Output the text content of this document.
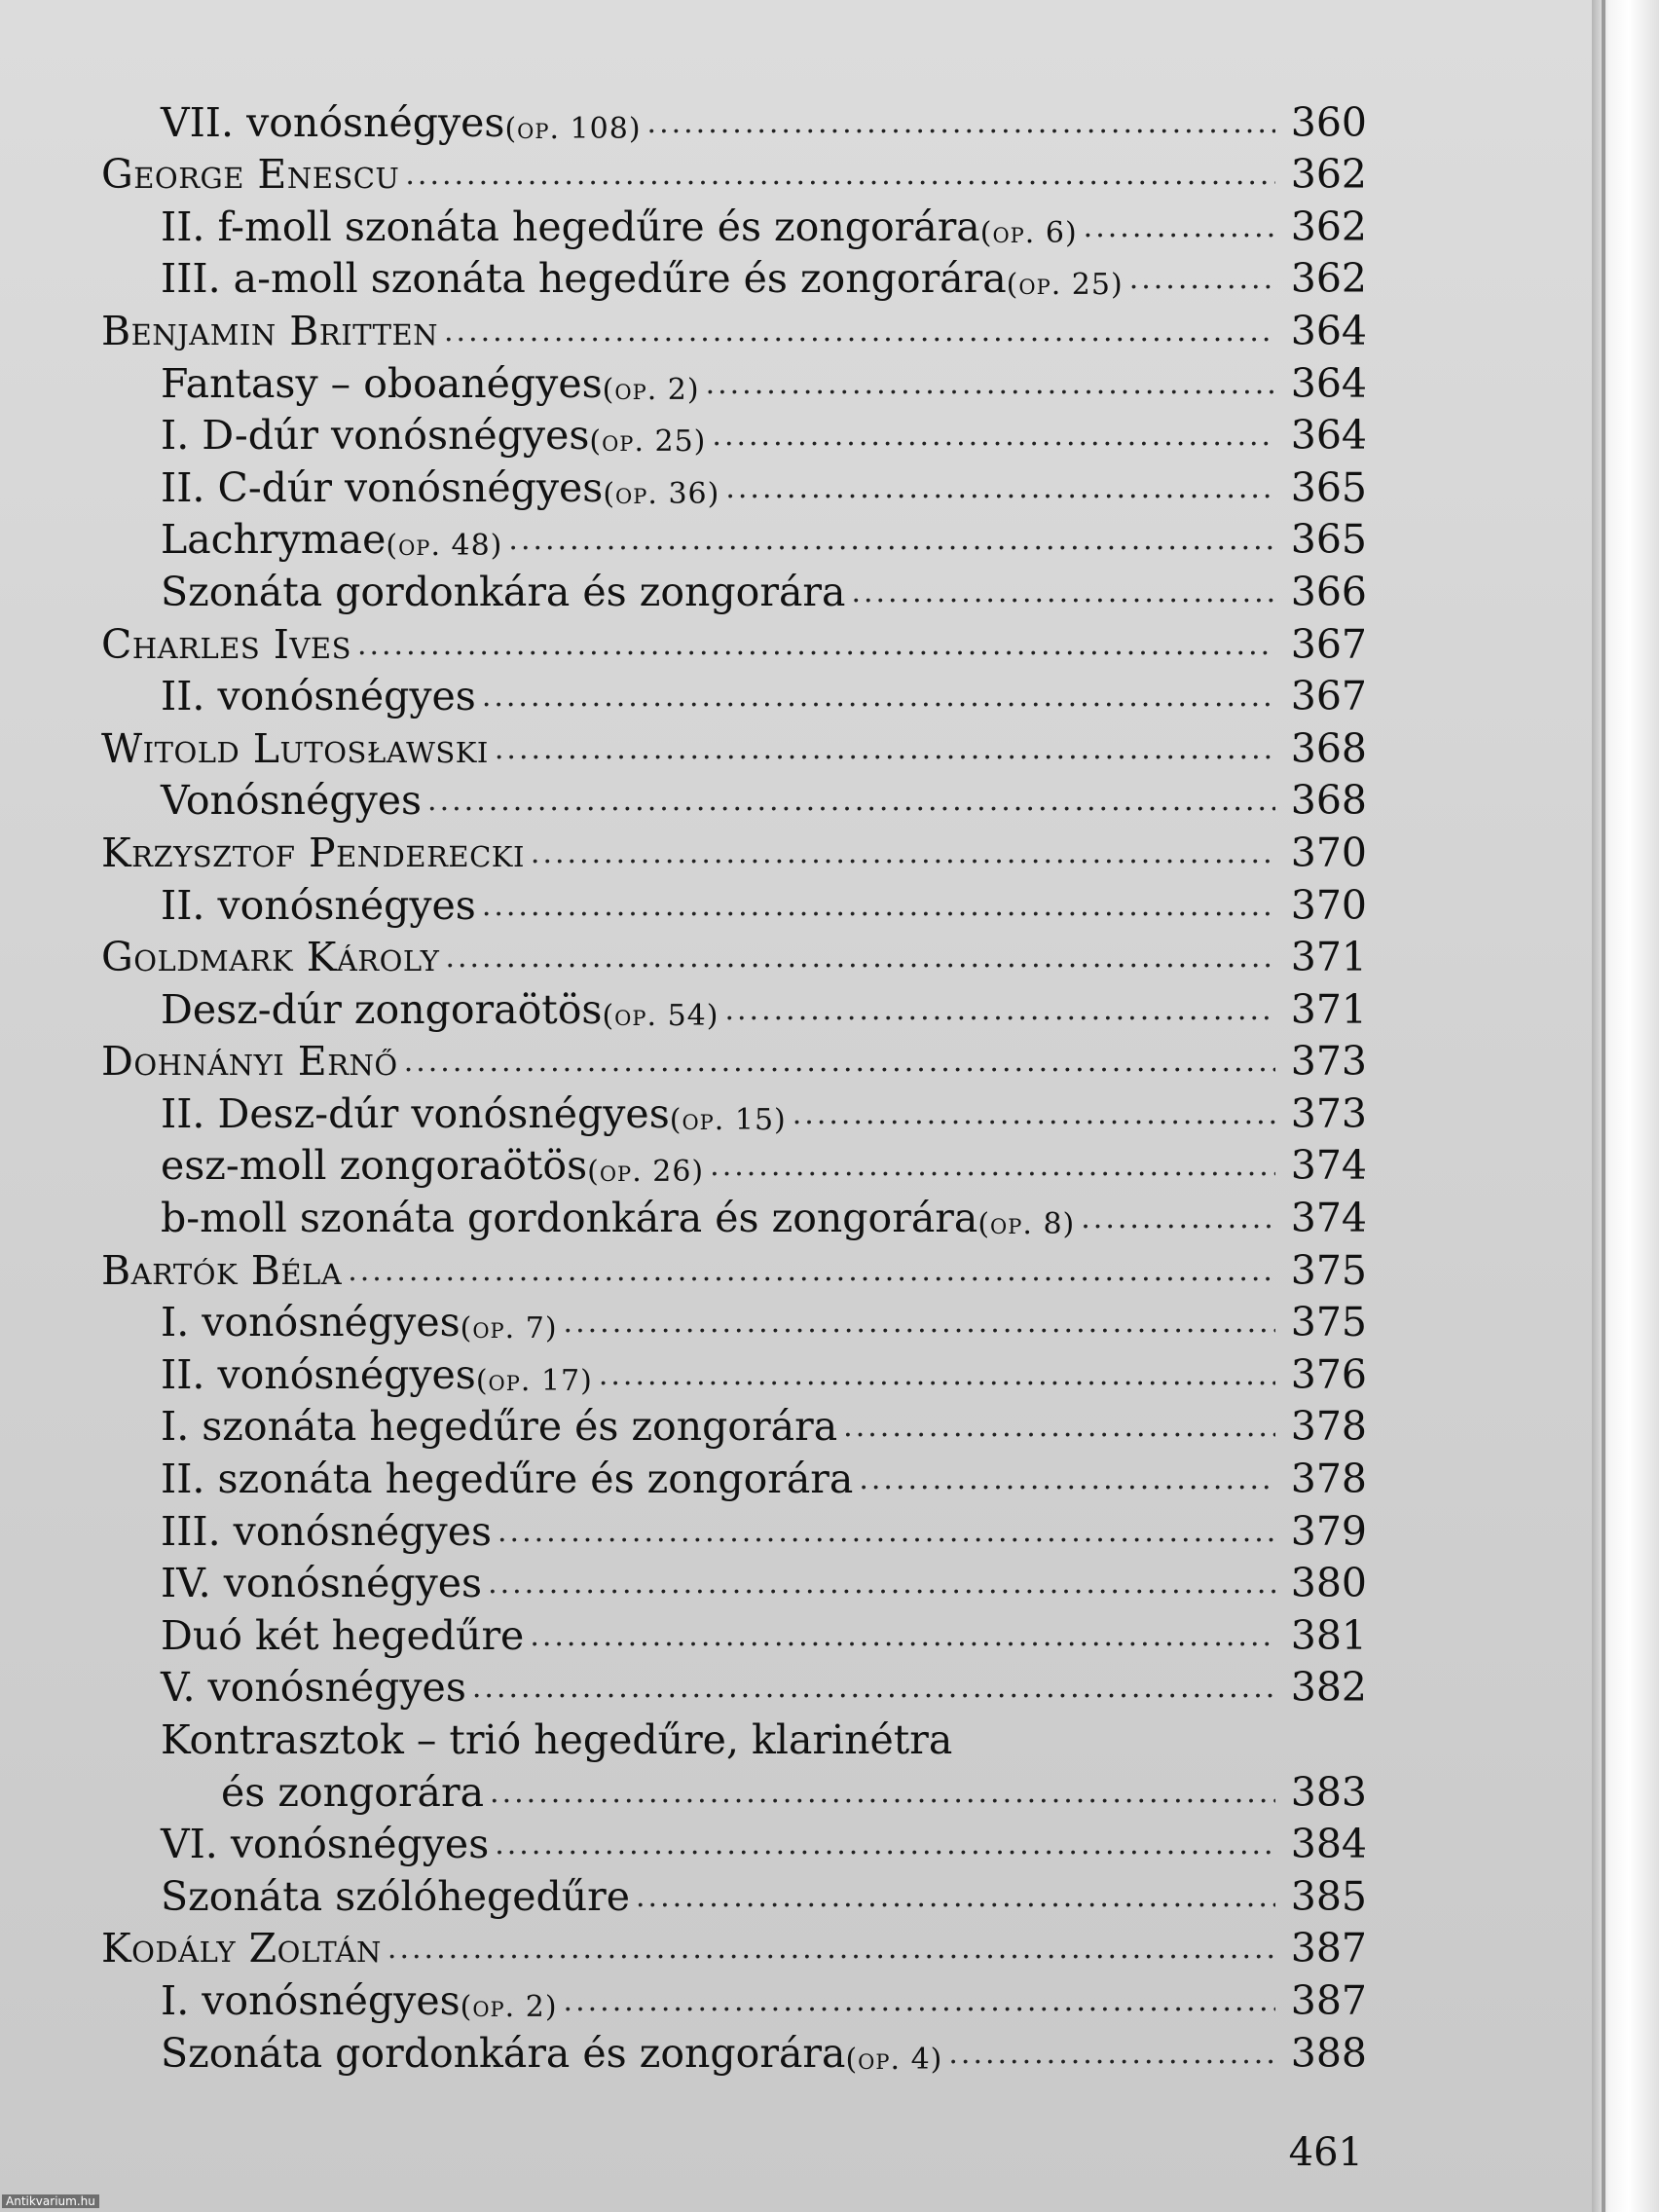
VII. vonósnégyes (op. 108) .....	360
George Enescu .....	362
II. f-moll szonáta hegedűre és zongorára (op. 6) .....	362
III. a-moll szonáta hegedűre és zongorára (op. 25) .....	362
Benjamin Britten .....	364
Fantasy – oboanégyes (op. 2) .....	364
I. D-dúr vonósnégyes (op. 25) .....	364
II. C-dúr vonósnégyes (op. 36) .....	365
Lachrymae (op. 48) .....	365
Szonáta gordonkára és zongorára .....	366
Charles Ives .....	367
II. vonósnégyes .....	367
Witold Lutosławski .....	368
Vonósnégyes .....	368
Krzysztof Penderecki .....	370
II. vonósnégyes .....	370
Goldmark Károly .....	371
Desz-dúr zongoraötös (op. 54) .....	371
Dohnányi Ernő .....	373
II. Desz-dúr vonósnégyes (op. 15) .....	373
esz-moll zongoraötös (op. 26) .....	374
b-moll szonáta gordonkára és zongorára (op. 8) .....	374
Bartók Béla .....	375
I. vonósnégyes (op. 7) .....	375
II. vonósnégyes (op. 17) .....	376
I. szonáta hegedűre és zongorára .....	378
II. szonáta hegedűre és zongorára .....	378
III. vonósnégyes .....	379
IV. vonósnégyes .....	380
Duó két hegedűre .....	381
V. vonósnégyes .....	382
Kontrasztok – trió hegedűre, klarinétra
és zongorára .....	383
VI. vonósnégyes .....	384
Szonáta szólóhegedűre .....	385
Kodály Zoltán .....	387
I. vonósnégyes (op. 2) .....	387
Szonáta gordonkára és zongorára (op. 4) .....	388
461
Antikvarium.hu
